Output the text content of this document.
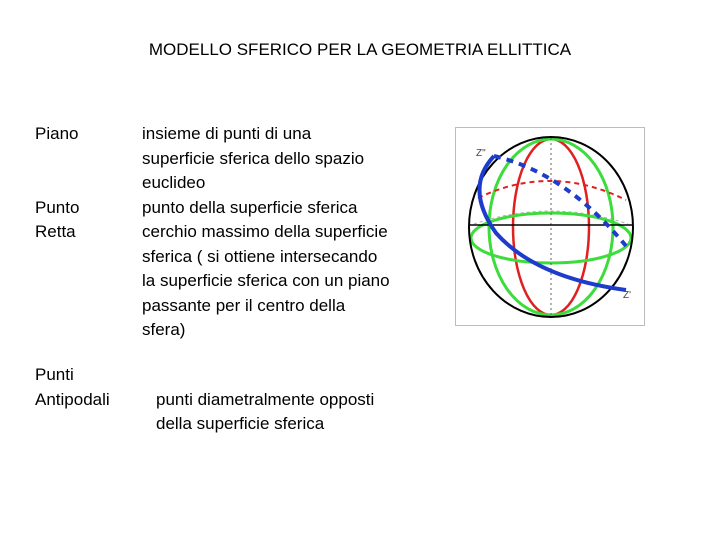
MODELLO SFERICO PER LA GEOMETRIA ELLITTICA
Piano	insieme di punti di una
superficie sferica dello spazio
euclideo
Punto	punto della superficie sferica
Retta	cerchio massimo della superficie
sferica ( si ottiene intersecando
la superficie sferica con un piano
passante per il centro della
sfera)
Punti
Antipodali	punti diametralmente opposti
della superficie sferica
Z"
Z'
